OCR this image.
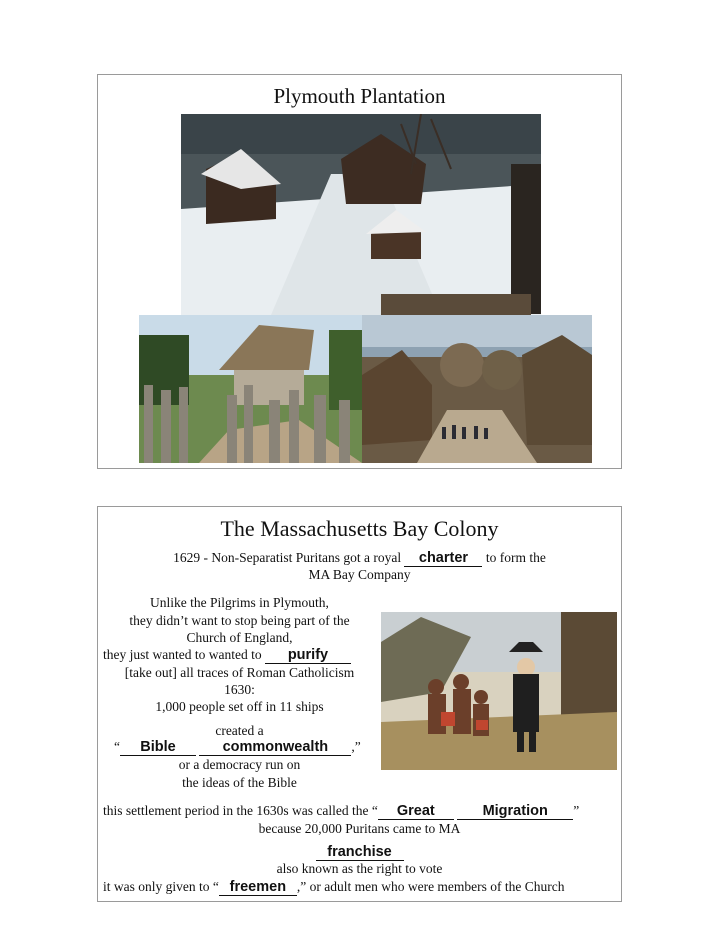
Plymouth Plantation
The Massachusetts Bay Colony
1629 - Non-Separatist Puritans got a royal charter to form the
MA Bay Company
Unlike the Pilgrims in Plymouth,
they didn’t want to stop being part of the
Church of England,
they just wanted to wanted to purify
[take out] all traces of Roman Catholicism
1630:
1,000 people set off in 11 ships
created a
“ Bible	commonwealth ,”
or a democracy run on
the ideas of the Bible
this settlement period in the 1630s was called the “ Great	Migration ”
because 20,000 Puritans came to MA
franchise
also known as the right to vote
it was only given to “ freemen ,” or adult men who were members of the Church
